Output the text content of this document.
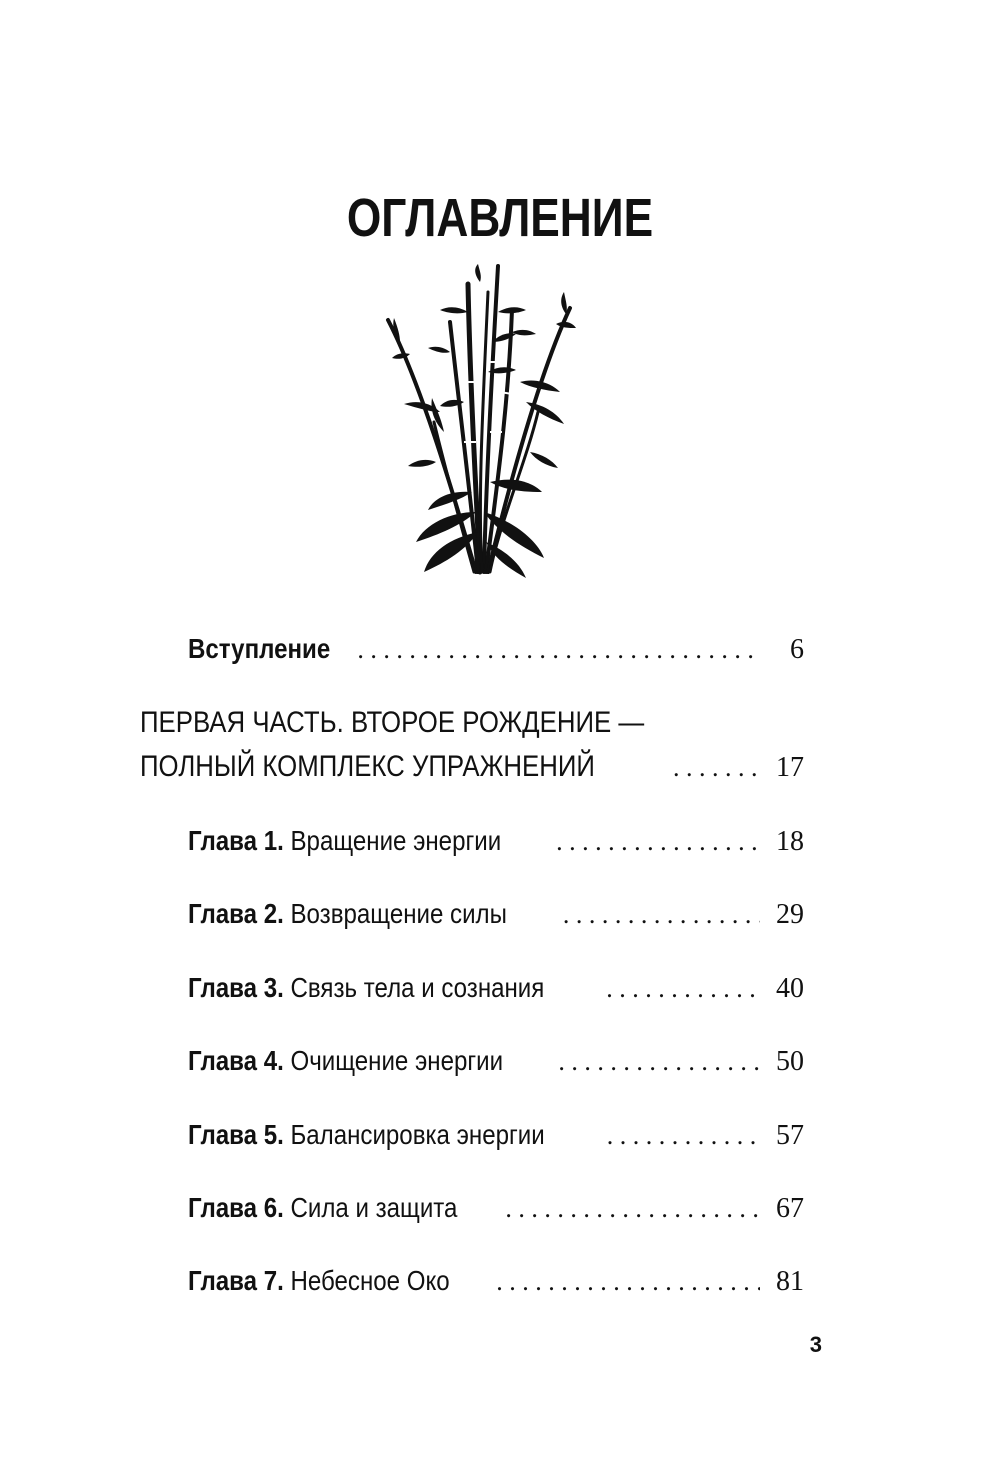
ОГЛАВЛЕНИЕ
Вступление . . .	6
ПЕРВАЯ ЧАСТЬ. ВТОРОЕ РОЖДЕНИЕ —
ПОЛНЫЙ КОМПЛЕКС УПРАЖНЕНИЙ . . .	17
Глава 1. Вращение энергии . . .	18
Глава 2. Возвращение силы . . .	29
Глава 3. Связь тела и сознания . . .	40
Глава 4. Очищение энергии . . .	50
Глава 5. Балансировка энергии . . .	57
Глава 6. Сила и защита . . .	67
Глава 7. Небесное Око . . .	81
3
